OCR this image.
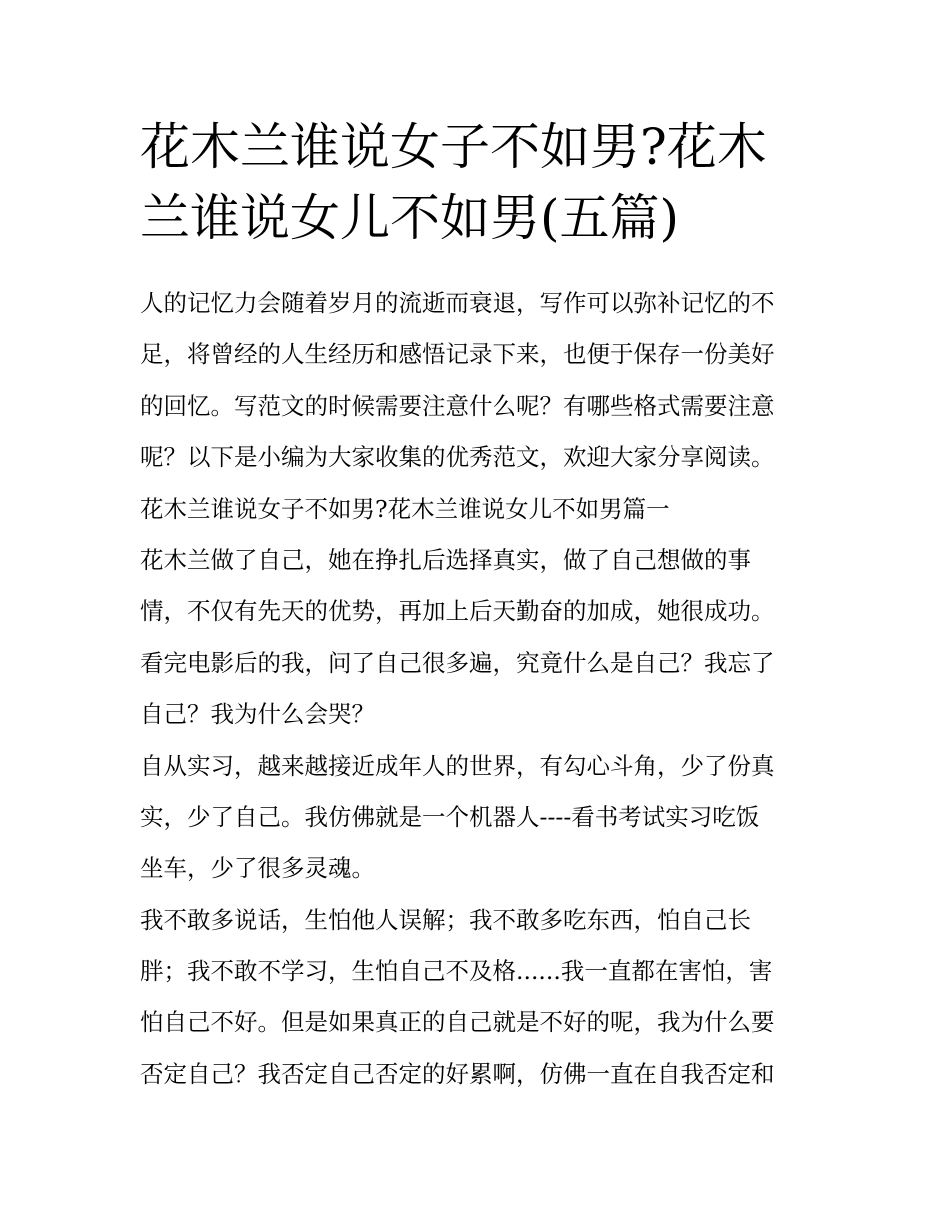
花木兰谁说女子不如男?花木
兰谁说女儿不如男(五篇)
人的记忆力会随着岁月的流逝而衰退，写作可以弥补记忆的不
足，将曾经的人生经历和感悟记录下来，也便于保存一份美好
的回忆。写范文的时候需要注意什么呢？有哪些格式需要注意
呢？以下是小编为大家收集的优秀范文，欢迎大家分享阅读。
花木兰谁说女子不如男?花木兰谁说女儿不如男篇一
花木兰做了自己，她在挣扎后选择真实，做了自己想做的事
情，不仅有先天的优势，再加上后天勤奋的加成，她很成功。
看完电影后的我，问了自己很多遍，究竟什么是自己？我忘了
自己？我为什么会哭？
自从实习，越来越接近成年人的世界，有勾心斗角，少了份真
实，少了自己。我仿佛就是一个机器人----看书考试实习吃饭
坐车，少了很多灵魂。
我不敢多说话，生怕他人误解；我不敢多吃东西，怕自己长
胖；我不敢不学习，生怕自己不及格......我一直都在害怕，害
怕自己不好。但是如果真正的自己就是不好的呢，我为什么要
否定自己？我否定自己否定的好累啊，仿佛一直在自我否定和
